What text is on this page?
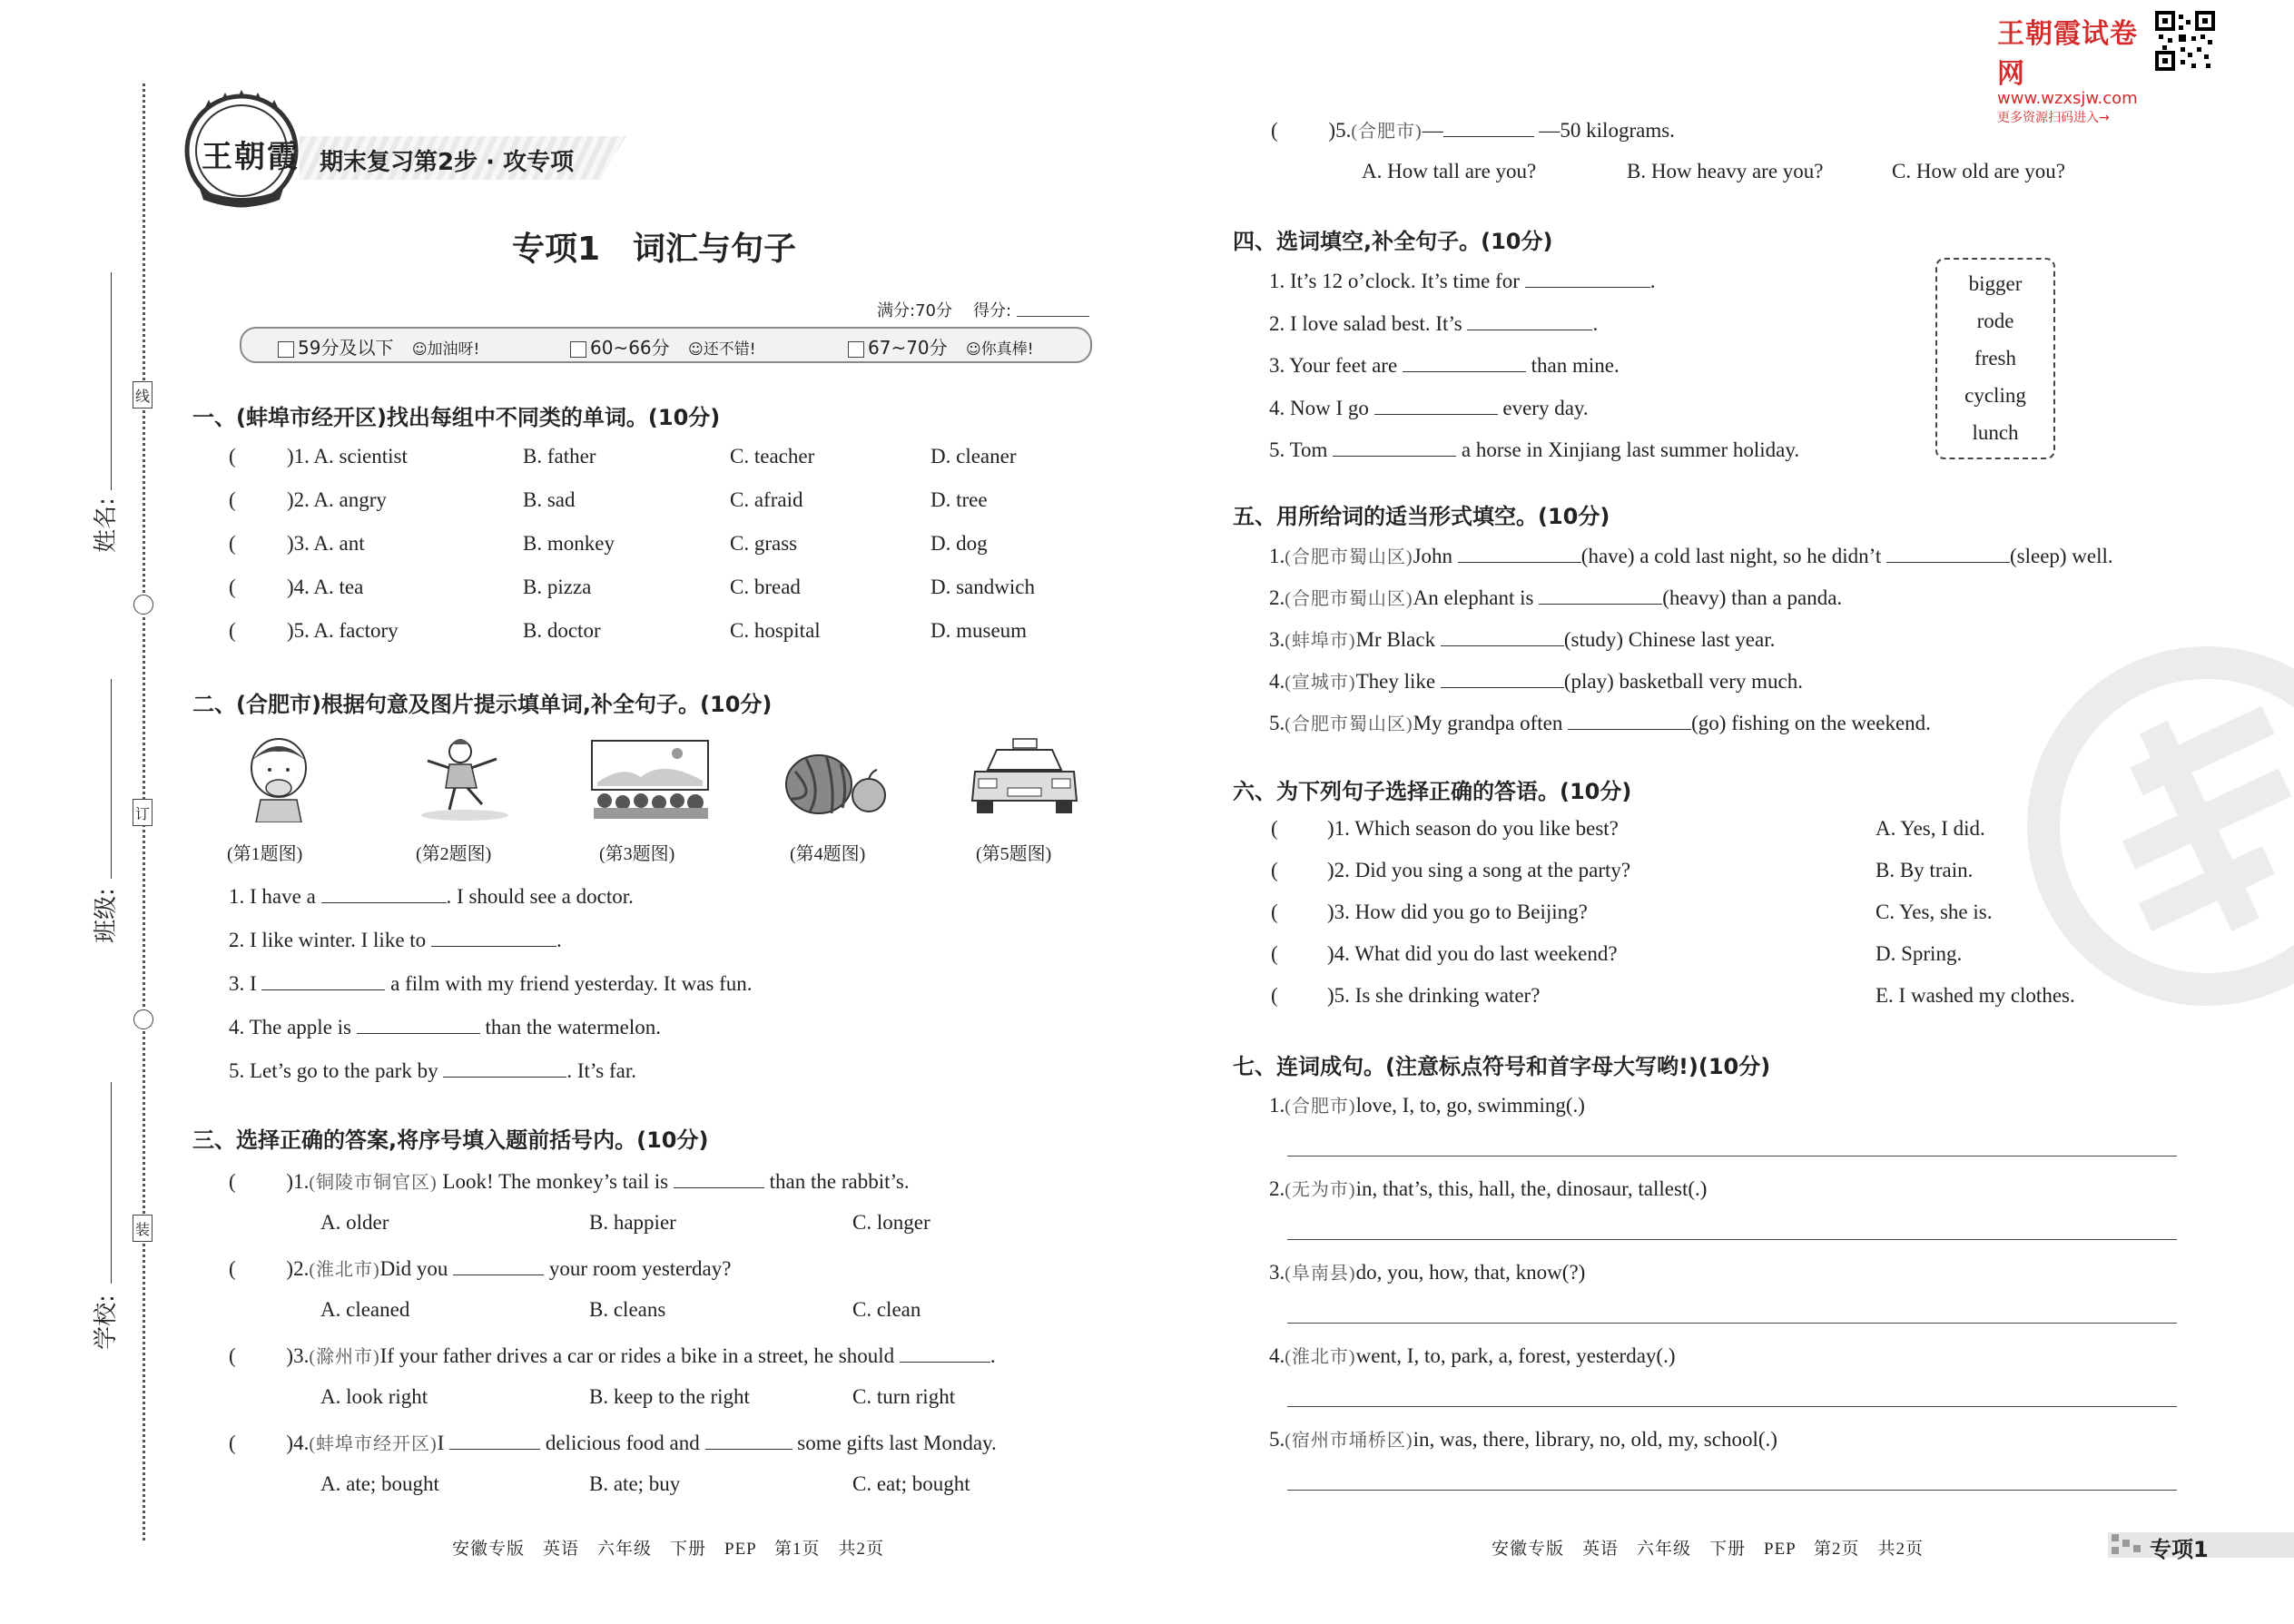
王朝霞试卷网
www.wzxsjw.com
更多资源扫码进入→
王朝霞 期末复习第2步 · 攻专项
专项1　词汇与句子
满分:70分 得分:
59分及以下 ☺加油呀!	60~66分 ☺还不错!	67~70分 ☺你真棒!
线
订
装
姓名:
班级:
学校:
一、(蚌埠市经开区)找出每组中不同类的单词。(10分)
( )1. A. scientist	B. father	C. teacher	D. cleaner
( )2. A. angry	B. sad	C. afraid	D. tree
( )3. A. ant	B. monkey	C. grass	D. dog
( )4. A. tea	B. pizza	C. bread	D. sandwich
( )5. A. factory	B. doctor	C. hospital	D. museum
二、(合肥市)根据句意及图片提示填单词,补全句子。(10分)
(第1题图)	(第2题图)	(第3题图)	(第4题图)	(第5题图)
1. I have a	. I should see a doctor.
2. I like winter. I like to	.
3. I	a film with my friend yesterday. It was fun.
4. The apple is	than the watermelon.
5. Let’s go to the park by	. It’s far.
三、选择正确的答案,将序号填入题前括号内。(10分)
( )1.(铜陵市铜官区) Look! The monkey’s tail is	than the rabbit’s.
A. older	B. happier	C. longer
( )2.(淮北市)Did you	your room yesterday?
A. cleaned	B. cleans	C. clean
( )3.(滁州市)If your father drives a car or rides a bike in a street, he should	.
A. look right	B. keep to the right	C. turn right
( )4.(蚌埠市经开区)I	delicious food and	some gifts last Monday.
A. ate; bought	B. ate; buy	C. eat; bought
( )5.(合肥市)—	—50 kilograms.
A. How tall are you?	B. How heavy are you?	C. How old are you?
四、选词填空,补全句子。(10分)
1. It’s 12 o’clock. It’s time for	.
2. I love salad best. It’s	.
3. Your feet are	than mine.
4. Now I go	every day.
5. Tom	a horse in Xinjiang last summer holiday.
bigger
rode
fresh
cycling
lunch
五、用所给词的适当形式填空。(10分)
1.(合肥市蜀山区)John	(have) a cold last night, so he didn’t	(sleep) well.
2.(合肥市蜀山区)An elephant is	(heavy) than a panda.
3.(蚌埠市)Mr Black	(study) Chinese last year.
4.(宣城市)They like	(play) basketball very much.
5.(合肥市蜀山区)My grandpa often	(go) fishing on the weekend.
六、为下列句子选择正确的答语。(10分)
( )1. Which season do you like best?	A. Yes, I did.
( )2. Did you sing a song at the party?	B. By train.
( )3. How did you go to Beijing?	C. Yes, she is.
( )4. What did you do last weekend?	D. Spring.
( )5. Is she drinking water?	E. I washed my clothes.
七、连词成句。(注意标点符号和首字母大写哟!)(10分)
1.(合肥市)love, I, to, go, swimming(.)
2.(无为市)in, that’s, this, hall, the, dinosaur, tallest(.)
3.(阜南县)do, you, how, that, know(?)
4.(淮北市)went, I, to, park, a, forest, yesterday(.)
5.(宿州市埇桥区)in, was, there, library, no, old, my, school(.)
安徽专版　英语　六年级　下册　PEP　第1页　共2页	安徽专版　英语　六年级　下册　PEP　第2页　共2页	专项1
